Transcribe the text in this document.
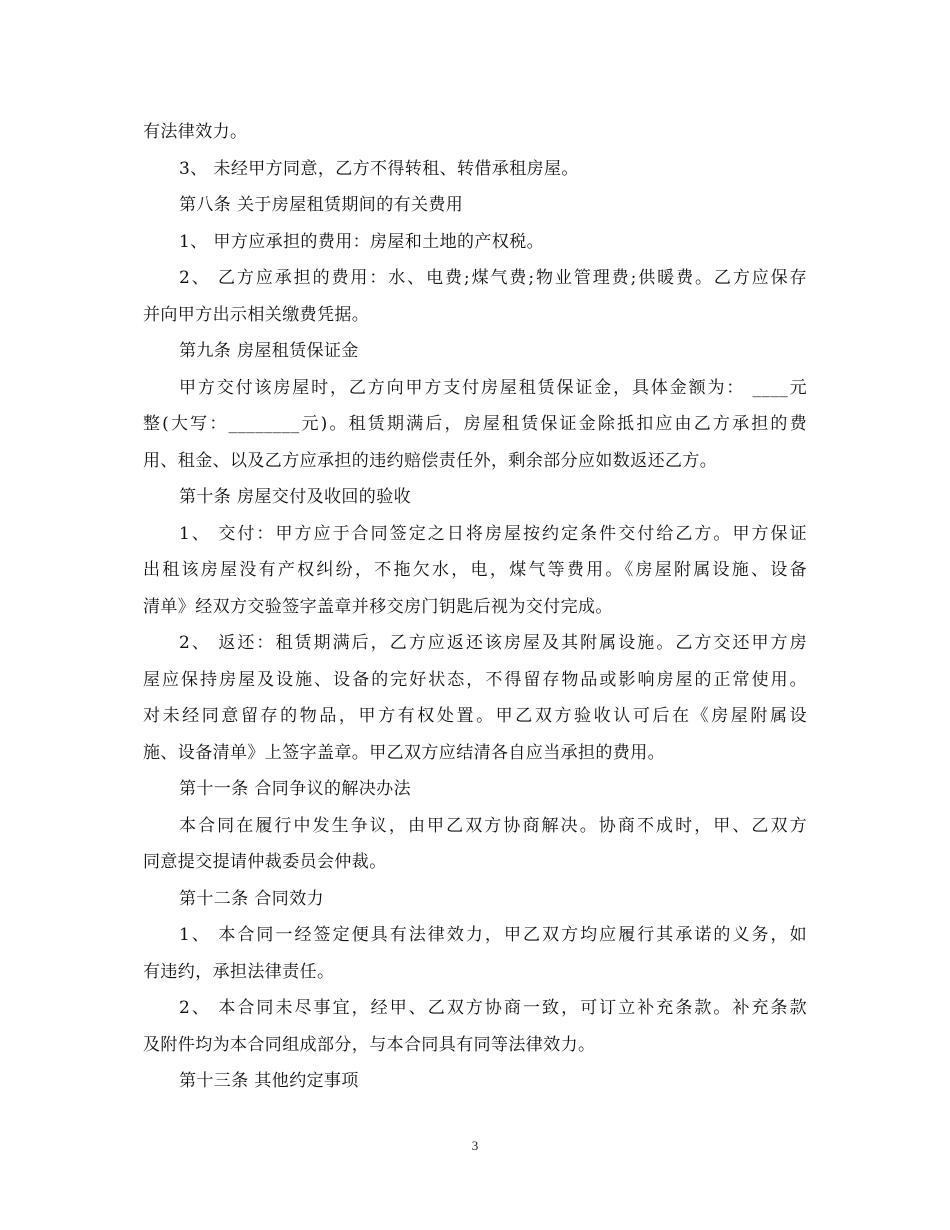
有法律效力。
3、 未经甲方同意，乙方不得转租、转借承租房屋。
第八条 关于房屋租赁期间的有关费用
1、 甲方应承担的费用：房屋和土地的产权税。
2、 乙方应承担的费用：水、电费;煤气费;物业管理费;供暖费。乙方应保存
并向甲方出示相关缴费凭据。
第九条 房屋租赁保证金
甲方交付该房屋时，乙方向甲方支付房屋租赁保证金，具体金额为： ____元
整(大写：________元)。租赁期满后，房屋租赁保证金除抵扣应由乙方承担的费
用、租金、以及乙方应承担的违约赔偿责任外，剩余部分应如数返还乙方。
第十条 房屋交付及收回的验收
1、 交付：甲方应于合同签定之日将房屋按约定条件交付给乙方。甲方保证
出租该房屋没有产权纠纷，不拖欠水，电，煤气等费用。《房屋附属设施、设备
清单》经双方交验签字盖章并移交房门钥匙后视为交付完成。
2、 返还：租赁期满后，乙方应返还该房屋及其附属设施。乙方交还甲方房
屋应保持房屋及设施、设备的完好状态，不得留存物品或影响房屋的正常使用。
对未经同意留存的物品，甲方有权处置。甲乙双方验收认可后在《房屋附属设
施、设备清单》上签字盖章。甲乙双方应结清各自应当承担的费用。
第十一条 合同争议的解决办法
本合同在履行中发生争议，由甲乙双方协商解决。协商不成时，甲、乙双方
同意提交提请仲裁委员会仲裁。
第十二条 合同效力
1、 本合同一经签定便具有法律效力，甲乙双方均应履行其承诺的义务，如
有违约，承担法律责任。
2、 本合同未尽事宜，经甲、乙双方协商一致，可订立补充条款。补充条款
及附件均为本合同组成部分，与本合同具有同等法律效力。
第十三条 其他约定事项
3
